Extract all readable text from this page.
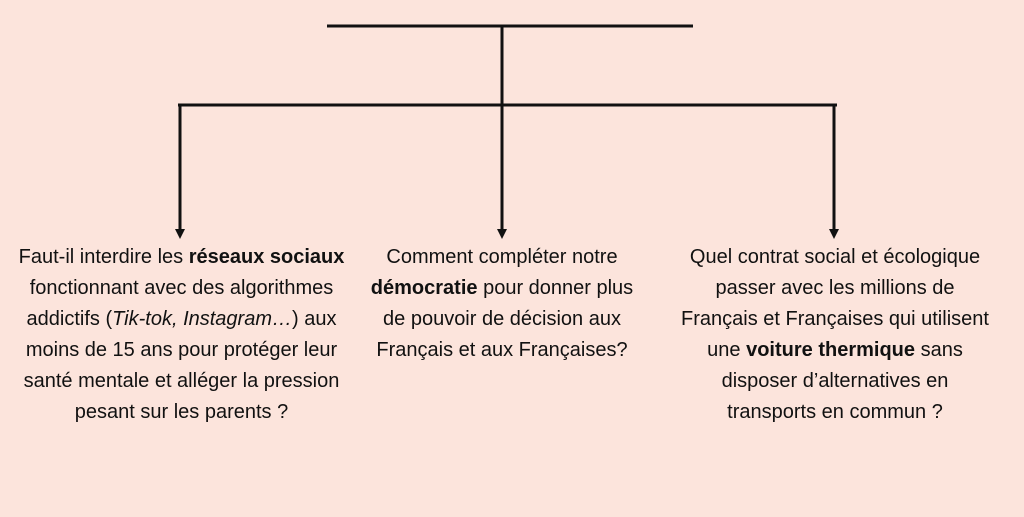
Faut-il interdire les réseaux sociaux fonctionnant avec des algorithmes addictifs (Tik-tok, Instagram…) aux moins de 15 ans pour protéger leur santé mentale et alléger la pression pesant sur les parents ?
Comment compléter notre démocratie pour donner plus de pouvoir de décision aux Français et aux Françaises?
Quel contrat social et écologique passer avec les millions de Français et Françaises qui utilisent une voiture thermique sans disposer d’alternatives en transports en commun ?
